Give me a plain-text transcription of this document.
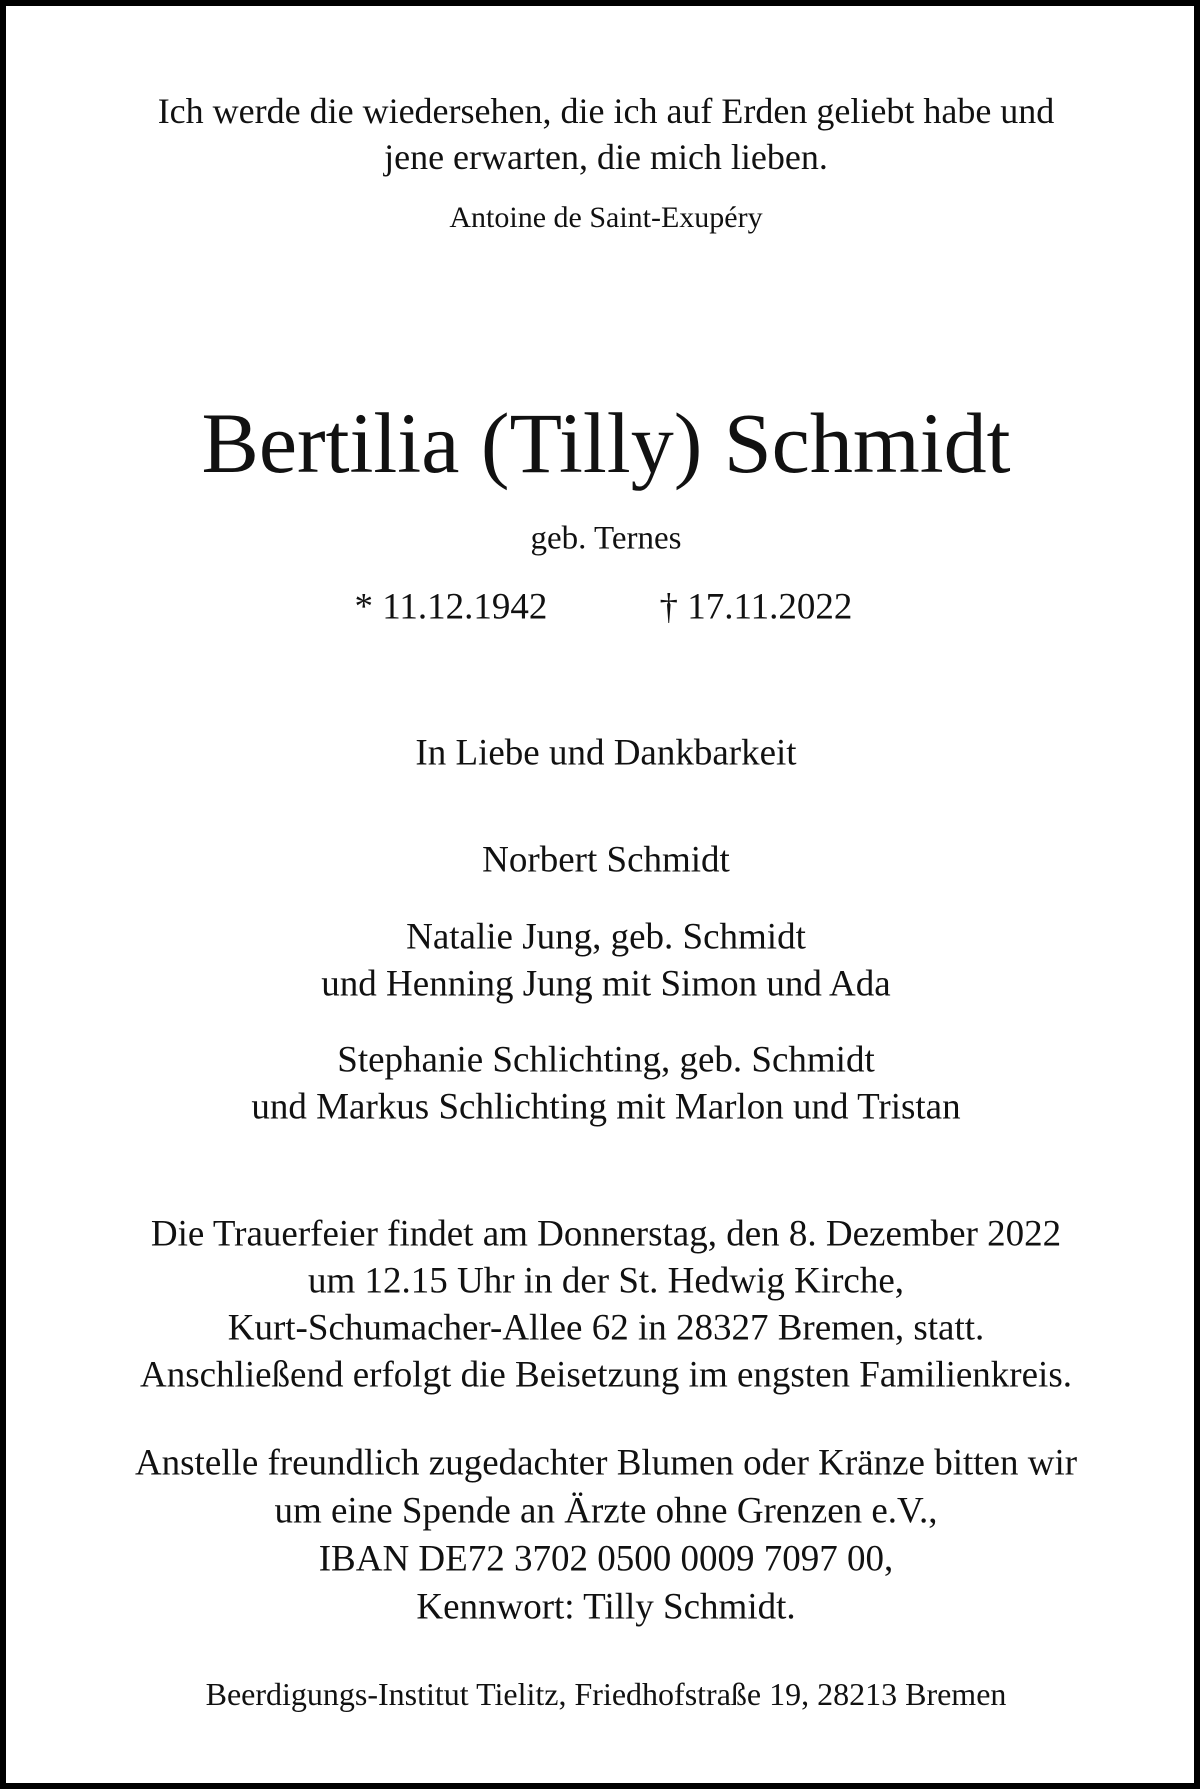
Ich werde die wiedersehen, die ich auf Erden geliebt habe und
jene erwarten, die mich lieben.
Antoine de Saint-Exupéry
Bertilia (Tilly) Schmidt
geb. Ternes
* 11.12.1942	† 17.11.2022
In Liebe und Dankbarkeit
Norbert Schmidt
Natalie Jung, geb. Schmidt
und Henning Jung mit Simon und Ada
Stephanie Schlichting, geb. Schmidt
und Markus Schlichting mit Marlon und Tristan
Die Trauerfeier findet am Donnerstag, den 8. Dezember 2022
um 12.15 Uhr in der St. Hedwig Kirche,
Kurt-Schumacher-Allee 62 in 28327 Bremen, statt.
Anschließend erfolgt die Beisetzung im engsten Familienkreis.
Anstelle freundlich zugedachter Blumen oder Kränze bitten wir
um eine Spende an Ärzte ohne Grenzen e.V.,
IBAN DE72 3702 0500 0009 7097 00,
Kennwort: Tilly Schmidt.
Beerdigungs-Institut Tielitz, Friedhofstraße 19, 28213 Bremen
